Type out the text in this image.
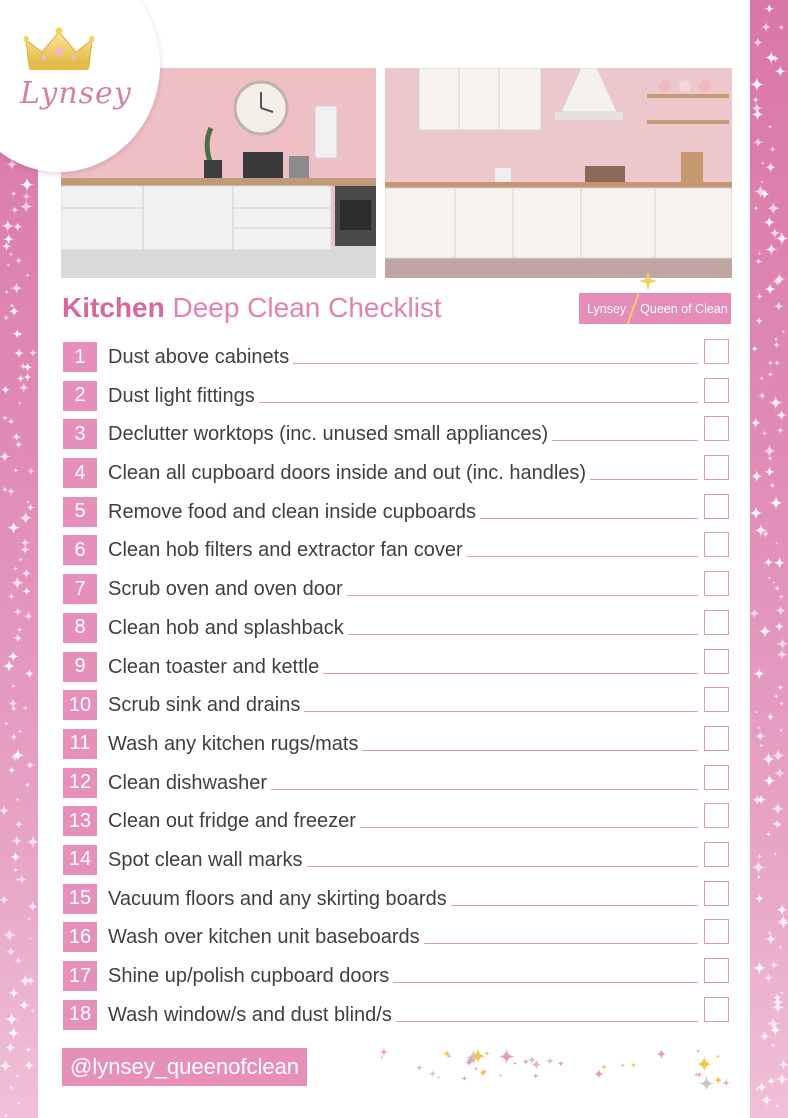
Lynsey
Kitchen Deep Clean Checklist	Lynsey Queen of Clean
1	Dust above cabinets
2	Dust light fittings
3	Declutter worktops (inc. unused small appliances)
4	Clean all cupboard doors inside and out (inc. handles)
5	Remove food and clean inside cupboards
6	Clean hob filters and extractor fan cover
7	Scrub oven and oven door
8	Clean hob and splashback
9	Clean toaster and kettle
10 Scrub sink and drains
11 Wash any kitchen rugs/mats
12 Clean dishwasher
13 Clean out fridge and freezer
14 Spot clean wall marks
15 Vacuum floors and any skirting boards
16 Wash over kitchen unit baseboards
17 Shine up/polish cupboard doors
18 Wash window/s and dust blind/s
@lynsey_queenofclean
